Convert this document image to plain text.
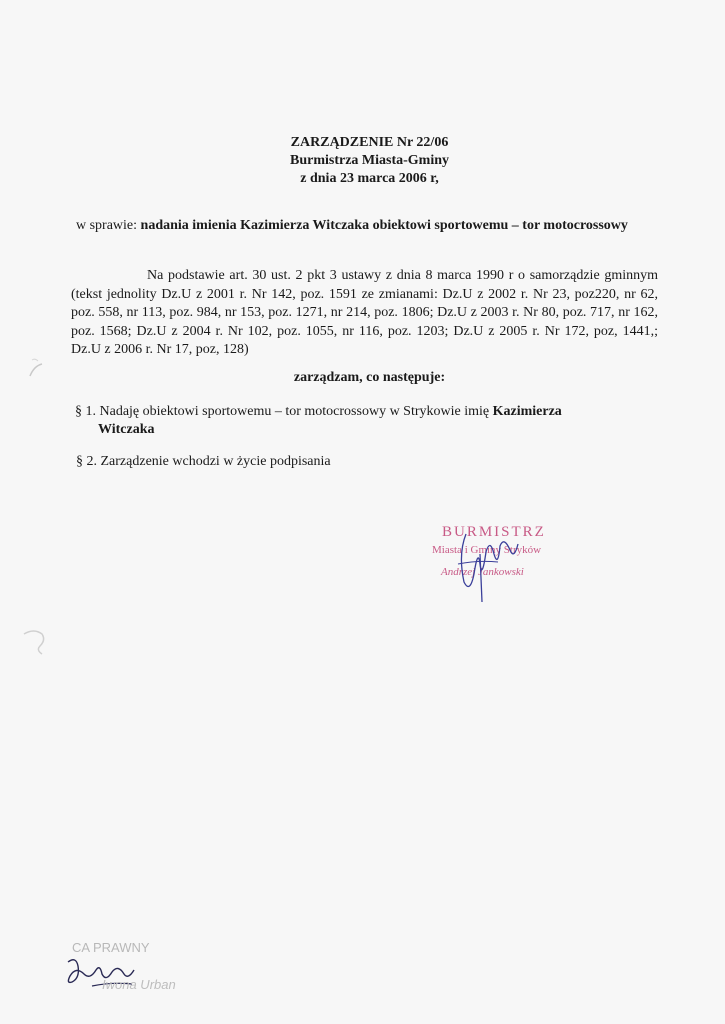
ZARZĄDZENIE Nr 22/06
Burmistrza Miasta-Gminy
z dnia 23 marca 2006 r,
w sprawie: nadania imienia Kazimierza Witczaka obiektowi sportowemu – tor motocrossowy
Na podstawie art. 30 ust. 2 pkt 3 ustawy z dnia 8 marca 1990 r o samorządzie gminnym (tekst jednolity Dz.U z 2001 r. Nr 142, poz. 1591 ze zmianami: Dz.U z 2002 r. Nr 23, poz220, nr 62, poz. 558, nr 113, poz. 984, nr 153, poz. 1271, nr 214, poz. 1806; Dz.U z 2003 r. Nr 80, poz. 717, nr 162, poz. 1568; Dz.U z 2004 r. Nr 102, poz. 1055, nr 116, poz. 1203; Dz.U z 2005 r. Nr 172, poz, 1441,; Dz.U z 2006 r. Nr 17, poz, 128)
zarządzam, co następuje:
§ 1. Nadaję obiektowi sportowemu – tor motocrossowy w Strykowie imię Kazimierza
Witczaka
§ 2. Zarządzenie wchodzi w życie podpisania
BURMISTRZ
Miasta i Gminy Stryków
Andrzej Jankowski
CA PRAWNY
Iwona Urban
